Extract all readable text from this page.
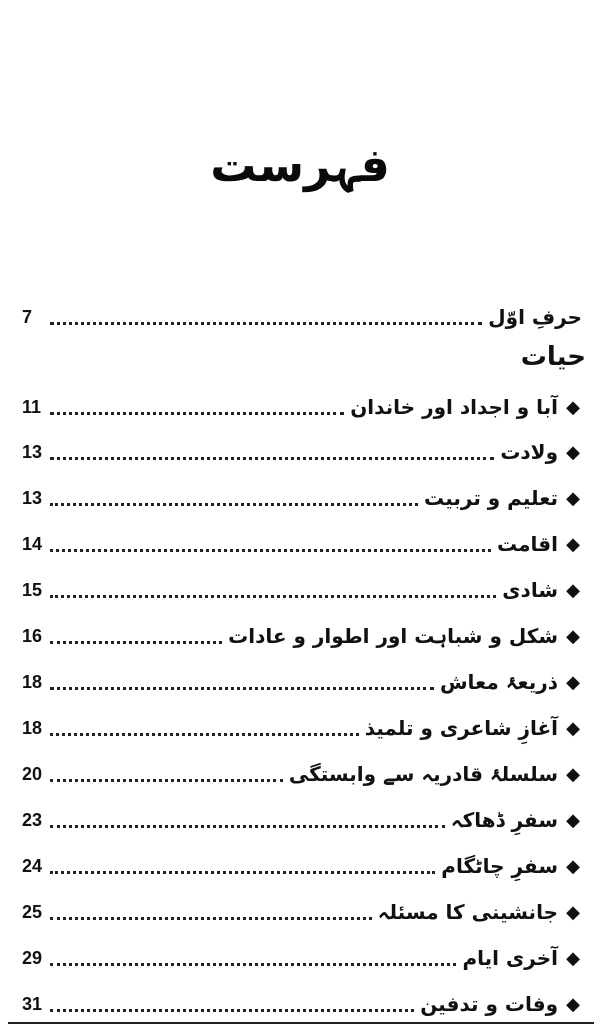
فہرست
حرفِ اوّل
7
حیات
◆
آبا و اجداد اور خاندان
11
◆
ولادت
13
◆
تعلیم و تربیت
13
◆
اقامت
14
◆
شادی
15
◆
شکل و شباہت اور اطوار و عادات
16
◆
ذریعۂ معاش
18
◆
آغازِ شاعری و تلمیذ
18
◆
سلسلۂ قادریہ سے وابستگی
20
◆
سفرِ ڈھاکہ
23
◆
سفرِ چاٹگام
24
◆
جانشینی کا مسئلہ
25
◆
آخری ایام
29
◆
وفات و تدفین
31
